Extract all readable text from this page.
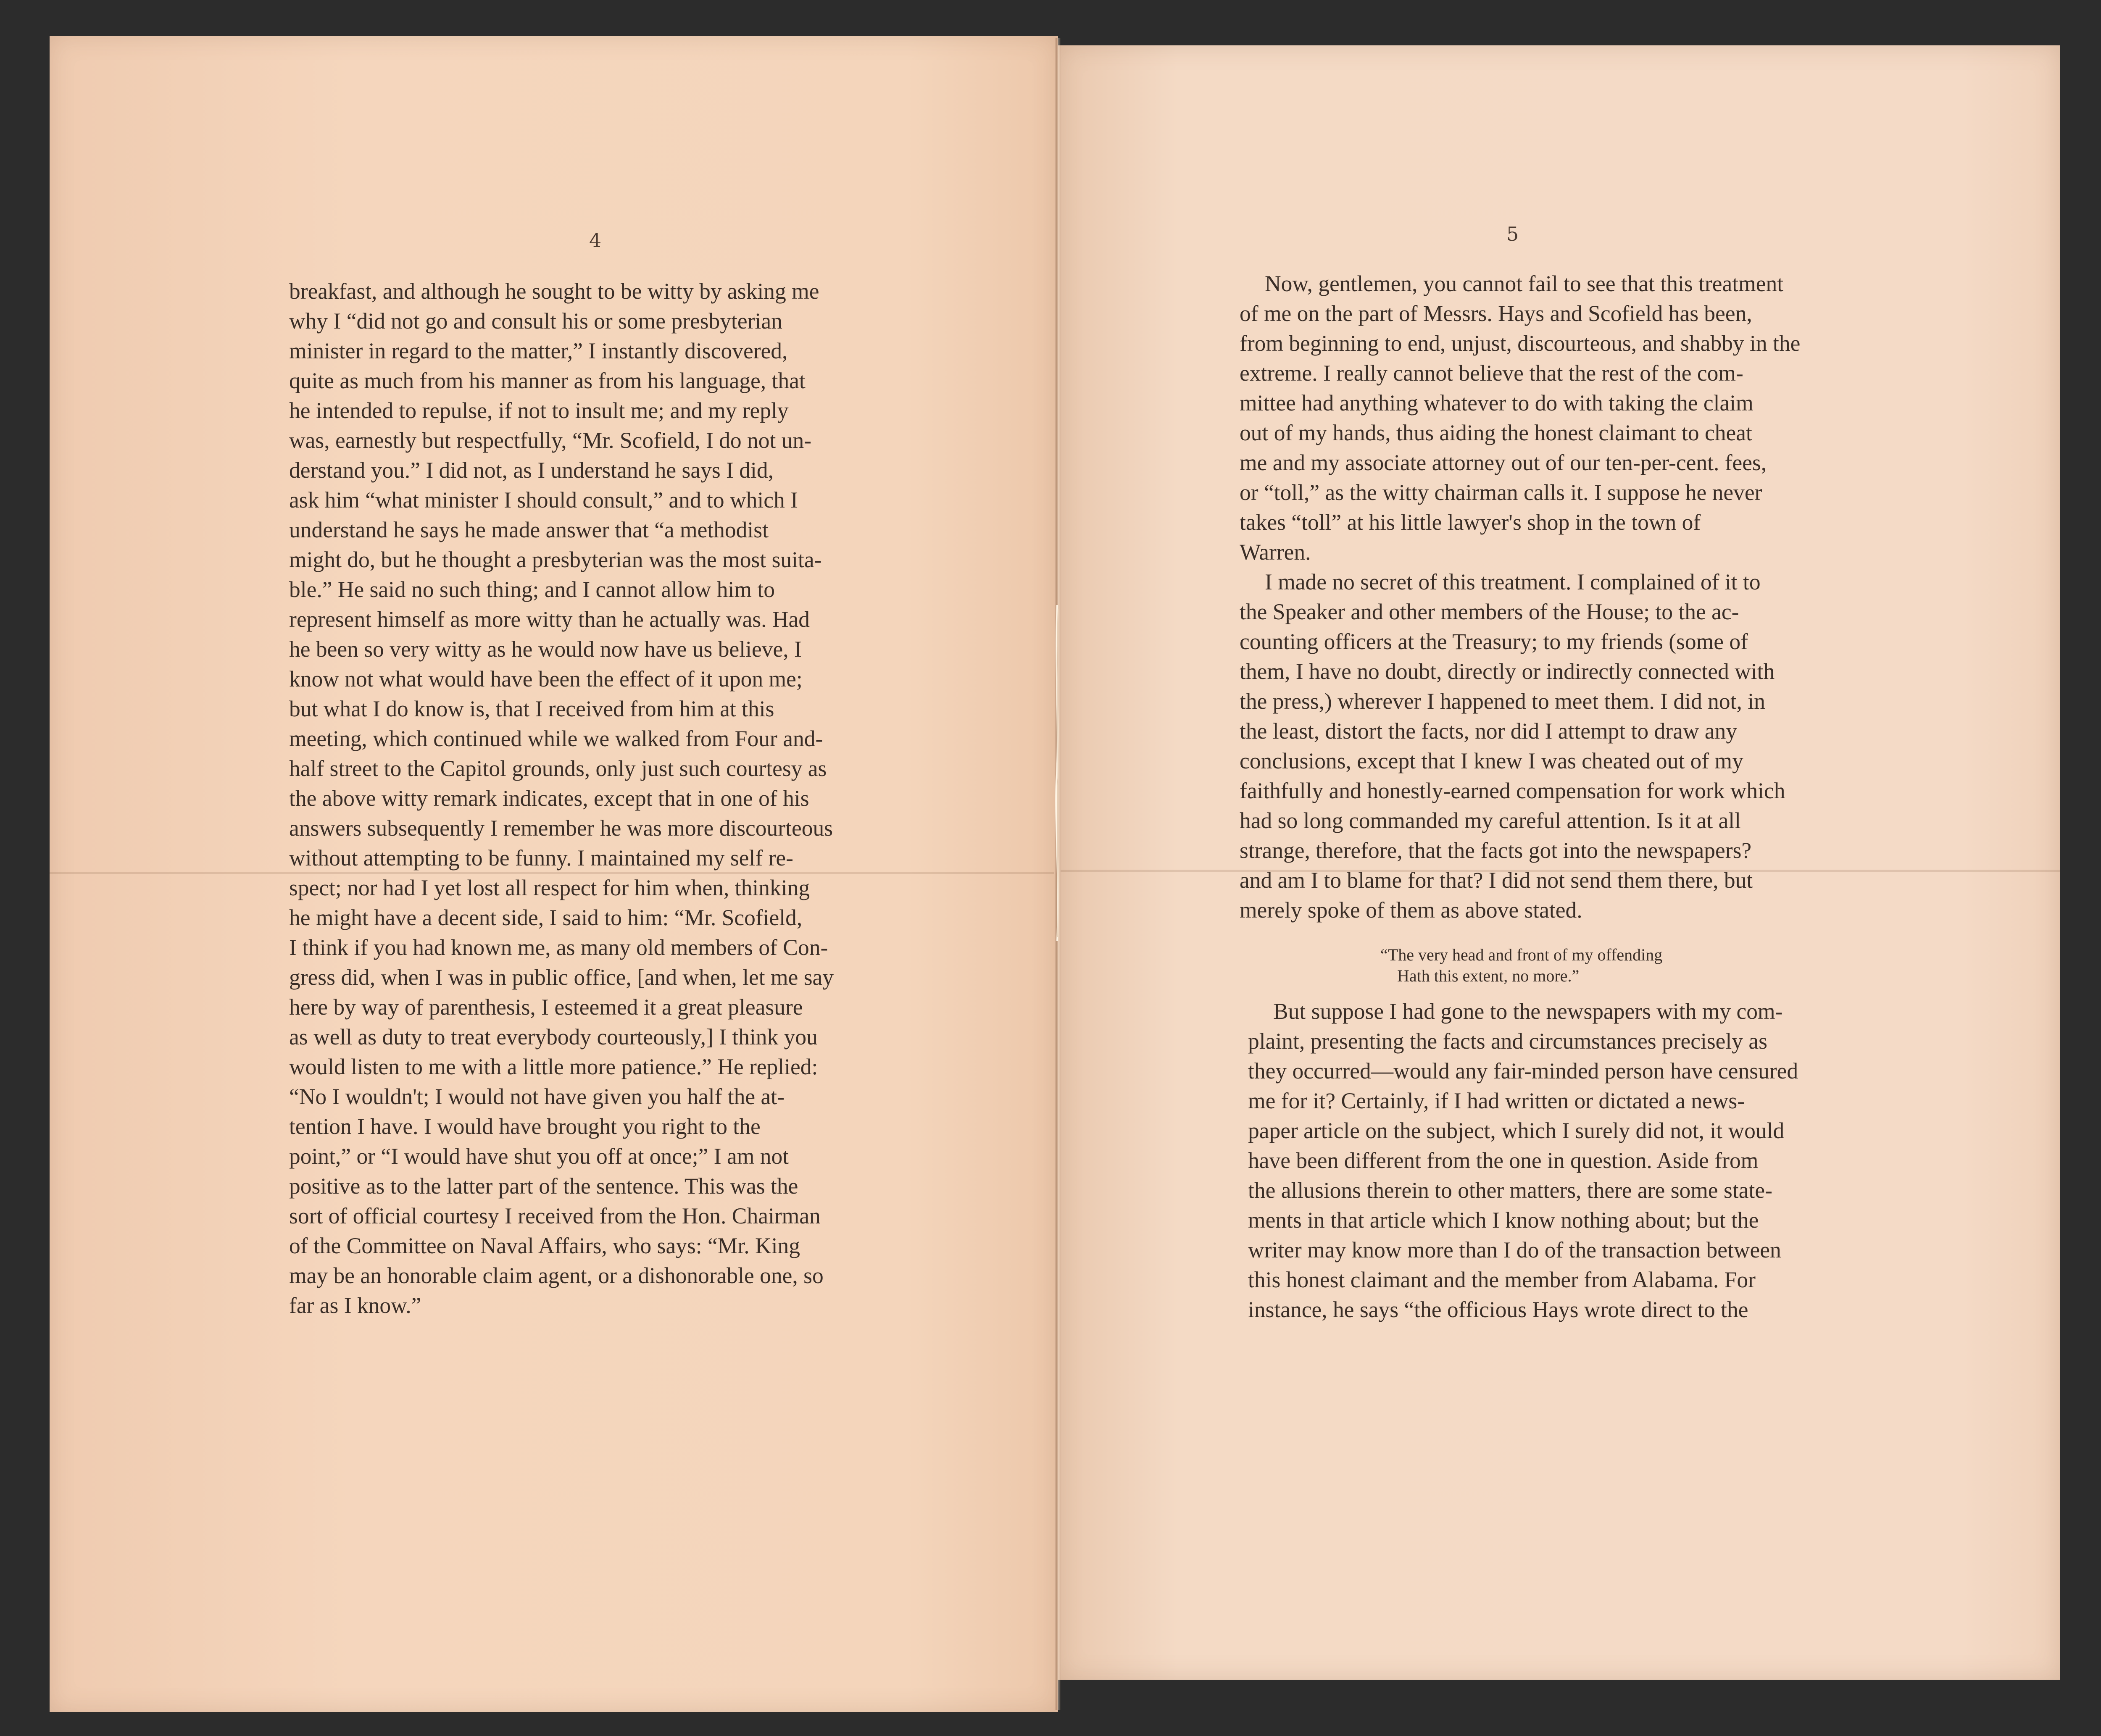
4

breakfast, and although he sought to be witty by asking me

why I “did not go and consult his or some presbyterian

minister in regard to the matter,” I instantly discovered,

quite as much from his manner as from his language, that

he intended to repulse, if not to insult me; and my reply

was, earnestly but respectfully, “Mr. Scofield, I do not un-

derstand you.” I did not, as I understand he says I did,

ask him “what minister I should consult,” and to which I

understand he says he made answer that “a methodist

might do, but he thought a presbyterian was the most suita-

ble.” He said no such thing; and I cannot allow him to

represent himself as more witty than he actually was. Had

he been so very witty as he would now have us believe, I

know not what would have been the effect of it upon me;

but what I do know is, that I received from him at this

meeting, which continued while we walked from Four and-

half street to the Capitol grounds, only just such courtesy as

the above witty remark indicates, except that in one of his

answers subsequently I remember he was more discourteous

without attempting to be funny. I maintained my self re-

spect; nor had I yet lost all respect for him when, thinking

he might have a decent side, I said to him: “Mr. Scofield,

I think if you had known me, as many old members of Con-

gress did, when I was in public office, [and when, let me say

here by way of parenthesis, I esteemed it a great pleasure

as well as duty to treat everybody courteously,] I think you

would listen to me with a little more patience.” He replied:

“No I wouldn't; I would not have given you half the at-

tention I have. I would have brought you right to the

point,” or “I would have shut you off at once;” I am not

positive as to the latter part of the sentence. This was the

sort of official courtesy I received from the Hon. Chairman

of the Committee on Naval Affairs, who says: “Mr. King

may be an honorable claim agent, or a dishonorable one, so

far as I know.”

5

Now, gentlemen, you cannot fail to see that this treatment

of me on the part of Messrs. Hays and Scofield has been,

from beginning to end, unjust, discourteous, and shabby in the

extreme. I really cannot believe that the rest of the com-

mittee had anything whatever to do with taking the claim

out of my hands, thus aiding the honest claimant to cheat

me and my associate attorney out of our ten-per-cent. fees,

or “toll,” as the witty chairman calls it. I suppose he never

takes “toll” at his little lawyer's shop in the town of

Warren.

I made no secret of this treatment. I complained of it to

the Speaker and other members of the House; to the ac-

counting officers at the Treasury; to my friends (some of

them, I have no doubt, directly or indirectly connected with

the press,) wherever I happened to meet them. I did not, in

the least, distort the facts, nor did I attempt to draw any

conclusions, except that I knew I was cheated out of my

faithfully and honestly-earned compensation for work which

had so long commanded my careful attention. Is it at all

strange, therefore, that the facts got into the newspapers?

and am I to blame for that? I did not send them there, but

merely spoke of them as above stated.

“The very head and front of my offending
Hath this extent, no more.”

But suppose I had gone to the newspapers with my com-

plaint, presenting the facts and circumstances precisely as

they occurred—would any fair-minded person have censured

me for it? Certainly, if I had written or dictated a news-

paper article on the subject, which I surely did not, it would

have been different from the one in question. Aside from

the allusions therein to other matters, there are some state-

ments in that article which I know nothing about; but the

writer may know more than I do of the transaction between

this honest claimant and the member from Alabama. For

instance, he says “the officious Hays wrote direct to the
